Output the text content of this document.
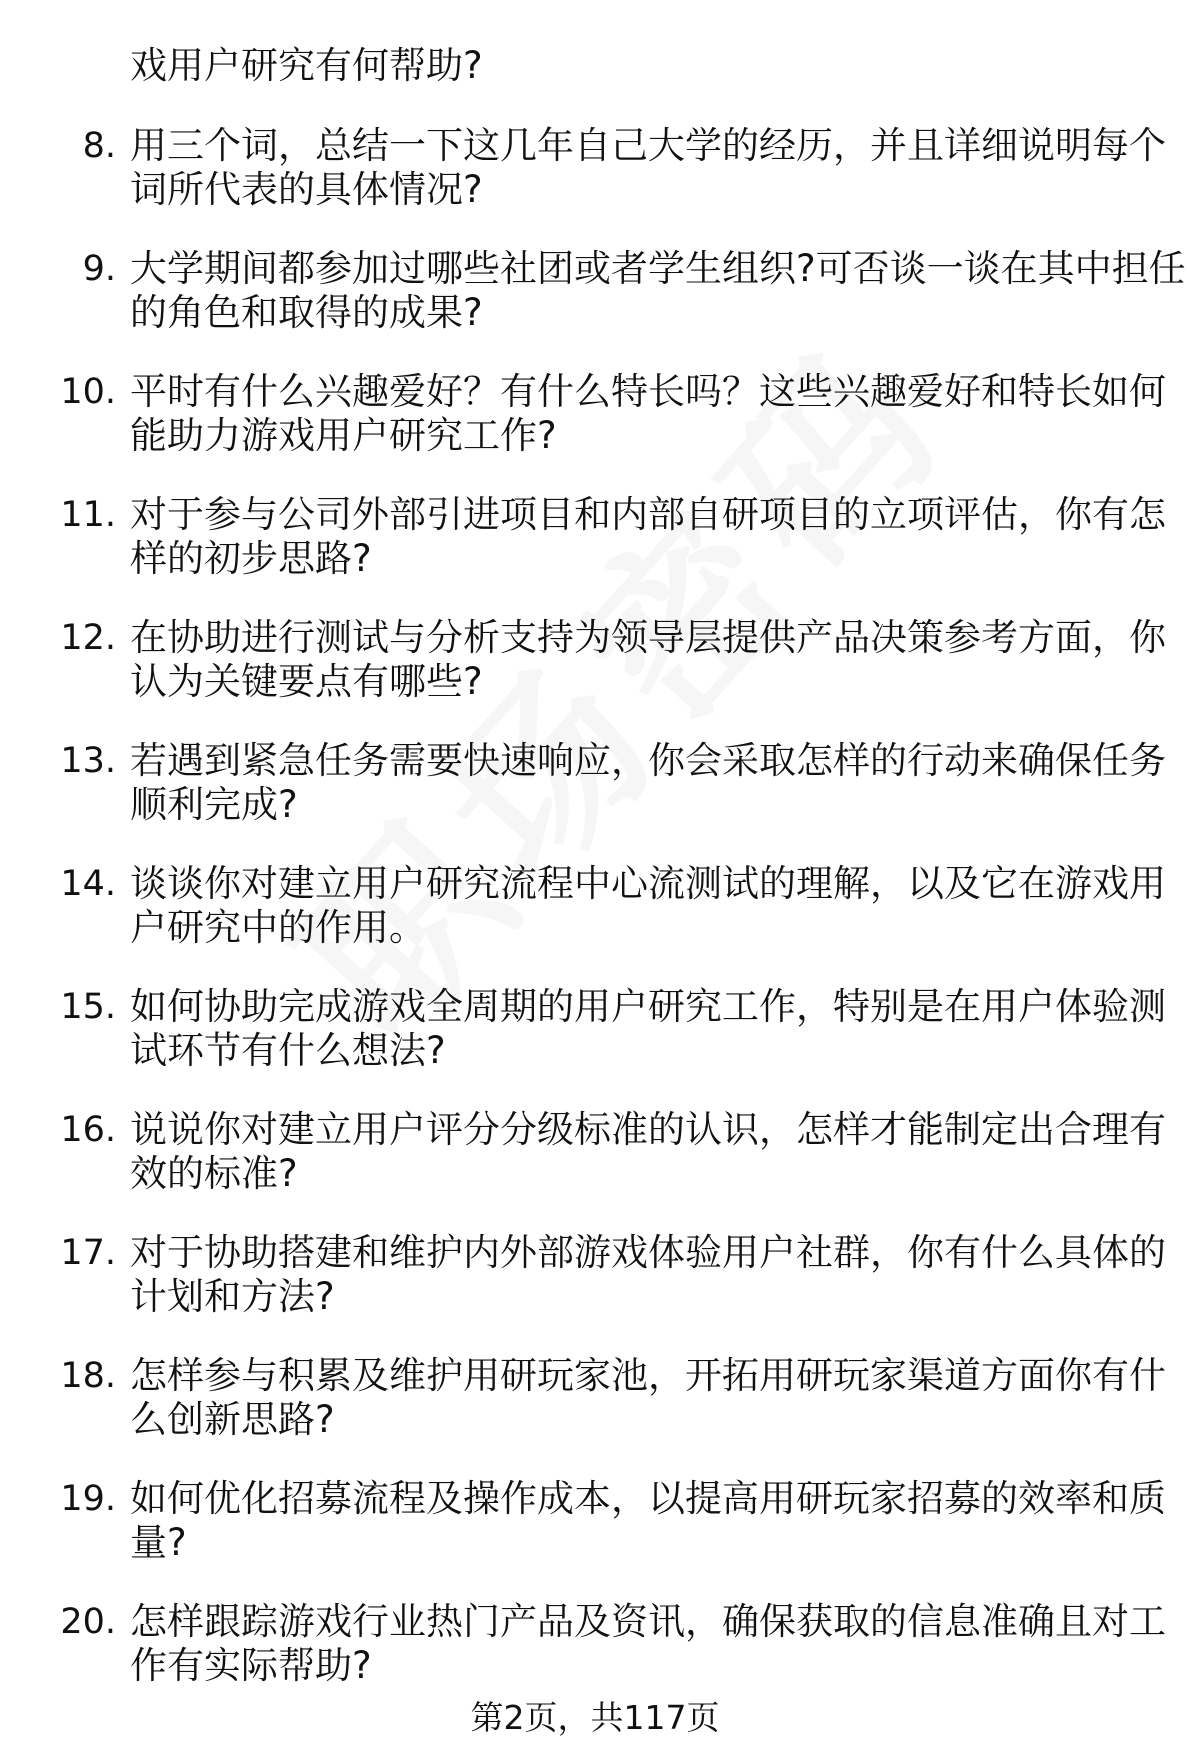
戏用户研究有何帮助?
8. 用三个词，总结一下这几年自己大学的经历，并且详细说明每个
词所代表的具体情况?
9. 大学期间都参加过哪些社团或者学生组织?可否谈一谈在其中担任
的角色和取得的成果?
10. 平时有什么兴趣爱好？有什么特长吗？这些兴趣爱好和特长如何
能助力游戏用户研究工作?
11. 对于参与公司外部引进项目和内部自研项目的立项评估，你有怎
样的初步思路?
12. 在协助进行测试与分析支持为领导层提供产品决策参考方面，你
认为关键要点有哪些?
13. 若遇到紧急任务需要快速响应，你会采取怎样的行动来确保任务
顺利完成?
14. 谈谈你对建立用户研究流程中心流测试的理解，以及它在游戏用
户研究中的作用。
15. 如何协助完成游戏全周期的用户研究工作，特别是在用户体验测
试环节有什么想法?
16. 说说你对建立用户评分分级标准的认识，怎样才能制定出合理有
效的标准?
17. 对于协助搭建和维护内外部游戏体验用户社群，你有什么具体的
计划和方法?
18. 怎样参与积累及维护用研玩家池，开拓用研玩家渠道方面你有什
么创新思路?
19. 如何优化招募流程及操作成本，以提高用研玩家招募的效率和质
量?
20. 怎样跟踪游戏行业热门产品及资讯，确保获取的信息准确且对工
作有实际帮助?
第2页，共117页
